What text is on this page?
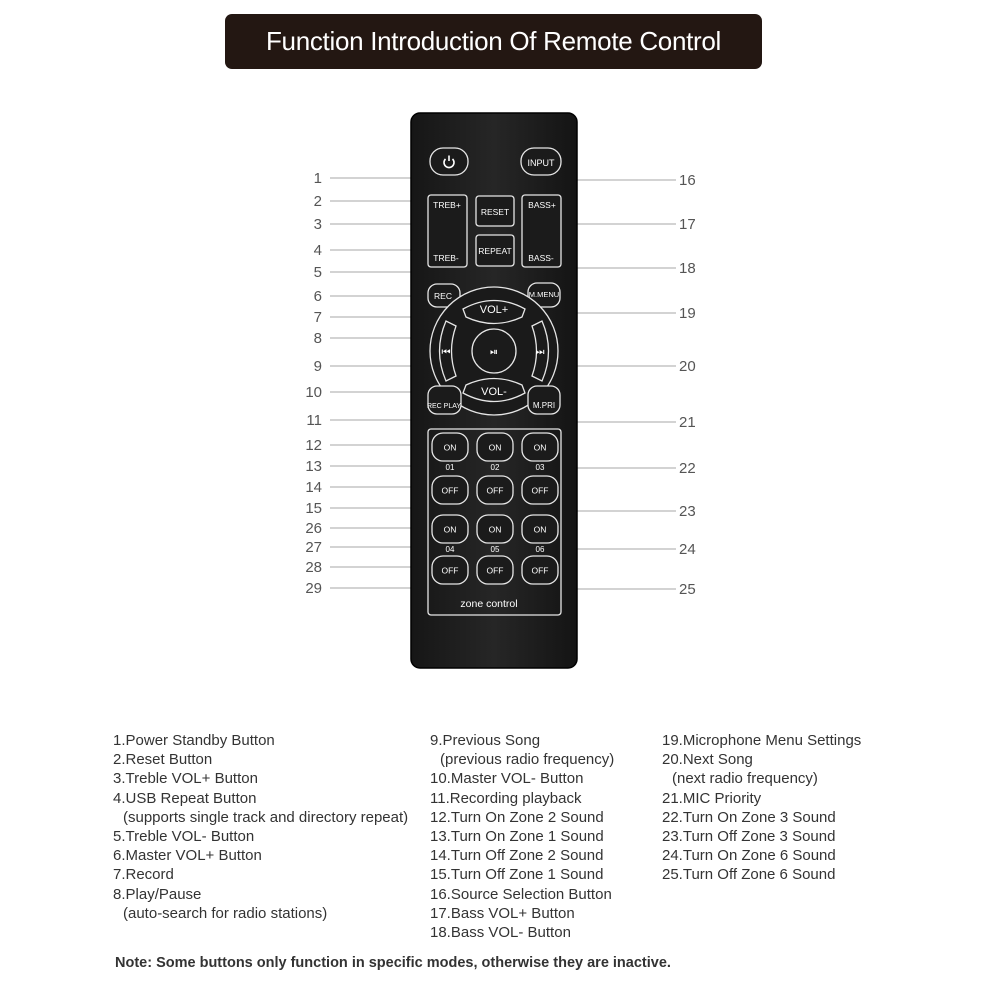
Function Introduction Of Remote Control
1
2
3
4
5
6
7
8
9
10
11
12
13
14
15
26
27
28
29
16
17
18
19
20
21
22
23
24
25
INPUT
TREB+
TREB-
RESET
REPEAT
BASS+
BASS-
REC	M.MENU
VOL+
VOL-
⏮	⏭
⏯
REC PLAY	M.PRI
zone control
ON	ON	ON
01	02	03
OFF	OFF	OFF
ON	ON	ON
04	05	06
OFF	OFF	OFF
1.Power Standby Button
2.Reset Button
3.Treble VOL+ Button
4.USB Repeat Button
(supports single track and directory repeat)
5.Treble VOL- Button
6.Master VOL+ Button
7.Record
8.Play/Pause
(auto-search for radio stations)
9.Previous Song
(previous radio frequency)
10.Master VOL- Button
11.Recording playback
12.Turn On Zone 2 Sound
13.Turn On Zone 1 Sound
14.Turn Off Zone 2 Sound
15.Turn Off Zone 1 Sound
16.Source Selection Button
17.Bass VOL+ Button
18.Bass VOL- Button
19.Microphone Menu Settings
20.Next Song
(next radio frequency)
21.MIC Priority
22.Turn On Zone 3 Sound
23.Turn Off Zone 3 Sound
24.Turn On Zone 6 Sound
25.Turn Off Zone 6 Sound
Note: Some buttons only function in specific modes, otherwise they are inactive.
